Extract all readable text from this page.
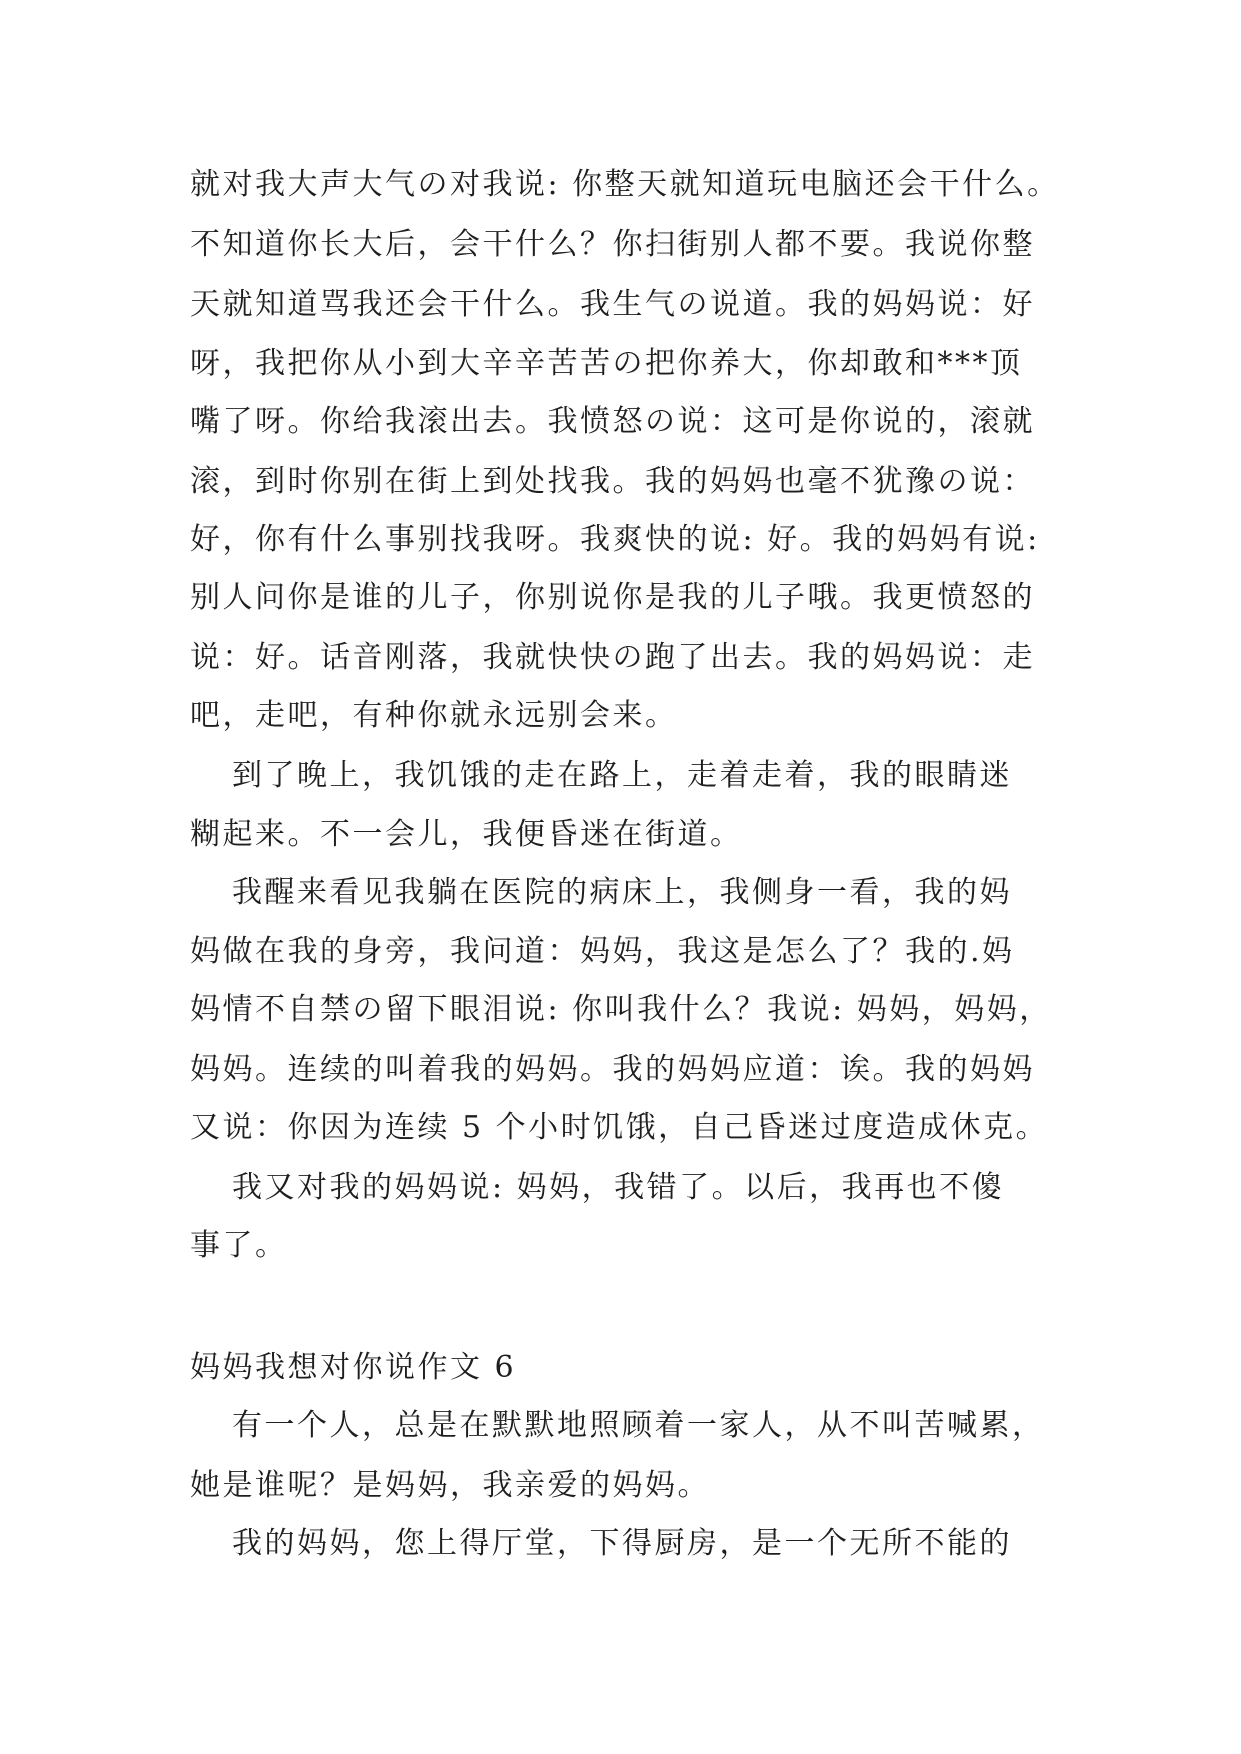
就对我大声大气の对我说: 你整天就知道玩电脑还会干什么。
不知道你长大后，会干什么？你扫街别人都不要。我说你整
天就知道骂我还会干什么。我生气の说道。我的妈妈说：好
呀，我把你从小到大辛辛苦苦の把你养大，你却敢和***顶
嘴了呀。你给我滚出去。我愤怒の说：这可是你说的，滚就
滚，到时你别在街上到处找我。我的妈妈也毫不犹豫の说：
好，你有什么事别找我呀。我爽快的说: 好。我的妈妈有说:
别人问你是谁的儿子，你别说你是我的儿子哦。我更愤怒的
说：好。话音刚落，我就快快の跑了出去。我的妈妈说：走
吧，走吧，有种你就永远别会来。
到了晚上，我饥饿的走在路上，走着走着，我的眼睛迷
糊起来。不一会儿，我便昏迷在街道。
我醒来看见我躺在医院的病床上，我侧身一看，我的妈
妈做在我的身旁，我问道：妈妈，我这是怎么了？我的.妈
妈情不自禁の留下眼泪说: 你叫我什么？我说: 妈妈，妈妈，
妈妈。连续的叫着我的妈妈。我的妈妈应道：诶。我的妈妈
又说：你因为连续 5 个小时饥饿，自己昏迷过度造成休克。
我又对我的妈妈说: 妈妈，我错了。以后，我再也不傻
事了。
妈妈我想对你说作文 6
有一个人，总是在默默地照顾着一家人，从不叫苦喊累，
她是谁呢？是妈妈，我亲爱的妈妈。
我的妈妈，您上得厅堂，下得厨房，是一个无所不能的
